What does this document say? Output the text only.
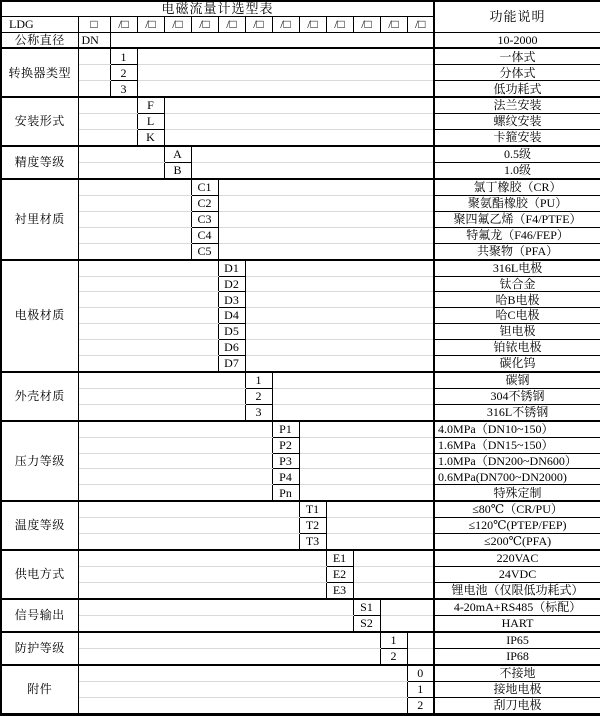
电磁流量计选型表														功能说明
LDG	□	/□	/□	/□	/□	/□	/□	/□	/□	/□	/□	/□	/□	
公称直径	DN													10-2000
转换器类型		1												一体式
		2												分体式
		3												低功耗式
安装形式			F											法兰安装
			L											螺纹安装
			K											卡箍安装
精度等级				A										0.5级
				B										1.0级
衬里材质					C1									氯丁橡胶（CR）
					C2									聚氨酯橡胶（PU）
					C3									聚四氟乙烯（F4/PTFE）
					C4									特氟龙（F46/FEP）
					C5									共聚物（PFA）
电极材质						D1								316L电极
						D2								钛合金
						D3								哈B电极
						D4								哈C电极
						D5								钽电极
						D6								铂铱电极
						D7								碳化钨
外壳材质							1							碳钢
							2							304不锈钢
							3							316L不锈钢
压力等级								P1						4.0MPa（DN10~150）
								P2						1.6MPa（DN15~150）
								P3						1.0MPa（DN200~DN600）
								P4						0.6MPa(DN700~DN2000)
								Pn						特殊定制
温度等级									T1					≤80℃（CR/PU）
									T2					≤120℃(PTEP/FEP)
									T3					≤200℃(PFA)
供电方式										E1				220VAC
										E2				24VDC
										E3				锂电池（仅限低功耗式）
信号输出											S1			4-20mA+RS485（标配）
											S2			HART
防护等级												1		IP65
												2		IP68
附件													0	不接地
													1	接地电极
													2	刮刀电极
